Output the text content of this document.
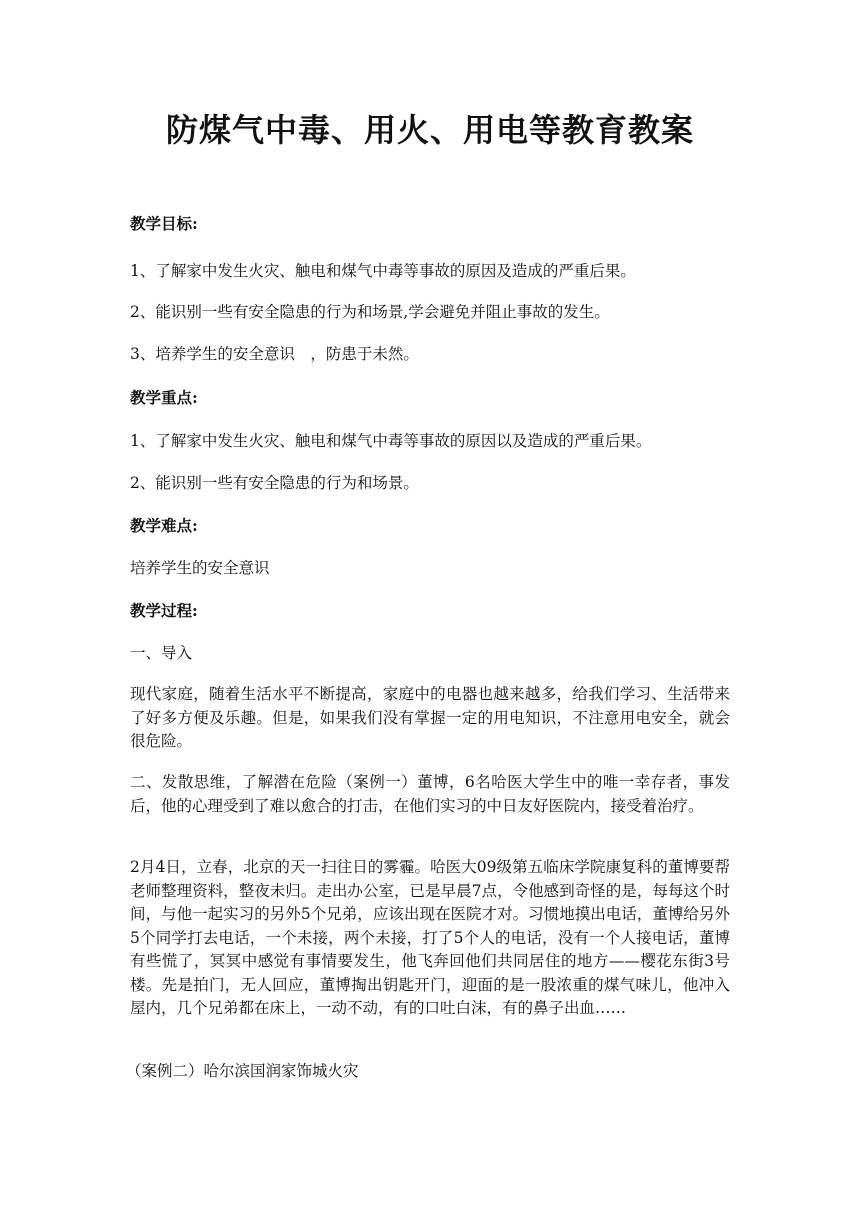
防煤气中毒、用火、用电等教育教案
教学目标:
1、了解家中发生火灾、触电和煤气中毒等事故的原因及造成的严重后果。
2、能识别一些有安全隐患的行为和场景,学会避免并阻止事故的发生。
3、培养学生的安全意识　，防患于未然。
教学重点:
1、了解家中发生火灾、触电和煤气中毒等事故的原因以及造成的严重后果。
2、能识别一些有安全隐患的行为和场景。
教学难点:
培养学生的安全意识
教学过程:
一、导入
现代家庭，随着生活水平不断提高，家庭中的电器也越来越多，给我们学习、生活带来了好多方便及乐趣。但是，如果我们没有掌握一定的用电知识，不注意用电安全，就会很危险。
二、发散思维，了解潜在危险（案例一）董博，6名哈医大学生中的唯一幸存者，事发后，他的心理受到了难以愈合的打击，在他们实习的中日友好医院内，接受着治疗。
2月4日，立春，北京的天一扫往日的雾霾。哈医大09级第五临床学院康复科的董博要帮老师整理资料，整夜未归。走出办公室，已是早晨7点，令他感到奇怪的是，每每这个时间，与他一起实习的另外5个兄弟，应该出现在医院才对。习惯地摸出电话，董博给另外5个同学打去电话，一个未接，两个未接，打了5个人的电话，没有一个人接电话，董博有些慌了，冥冥中感觉有事情要发生，他飞奔回他们共同居住的地方——樱花东街3号楼。先是拍门，无人回应，董博掏出钥匙开门，迎面的是一股浓重的煤气味儿，他冲入屋内，几个兄弟都在床上，一动不动，有的口吐白沫，有的鼻子出血……
（案例二）哈尔滨国润家饰城火灾
